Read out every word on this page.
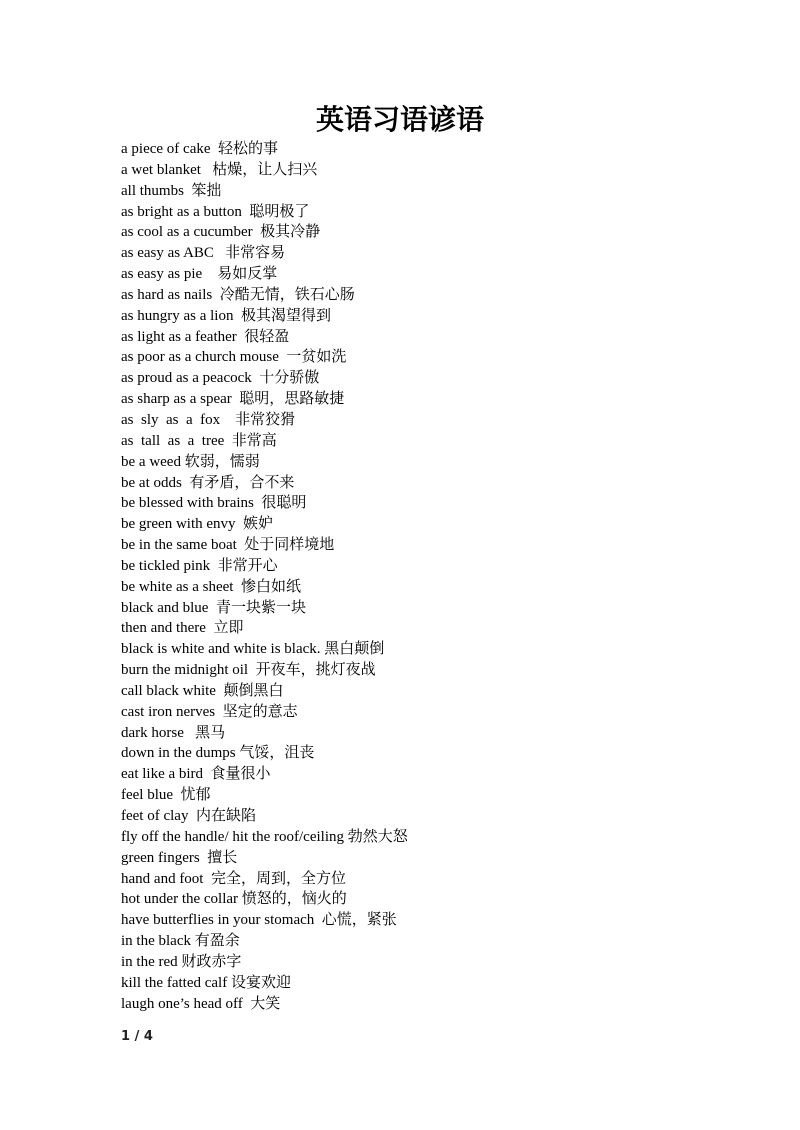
英语习语谚语
a piece of cake  轻松的事
a wet blanket   枯燥，让人扫兴
all thumbs  笨拙
as bright as a button  聪明极了
as cool as a cucumber  极其冷静
as easy as ABC   非常容易
as easy as pie    易如反掌
as hard as nails  冷酷无情，铁石心肠
as hungry as a lion  极其渴望得到
as light as a feather  很轻盈
as poor as a church mouse  一贫如洗
as proud as a peacock  十分骄傲
as sharp as a spear  聪明，思路敏捷
as  sly  as  a  fox    非常狡猾
as  tall  as  a  tree  非常高
be a weed 软弱，懦弱
be at odds  有矛盾，合不来
be blessed with brains  很聪明
be green with envy  嫉妒
be in the same boat  处于同样境地
be tickled pink  非常开心
be white as a sheet  惨白如纸
black and blue  青一块紫一块
then and there  立即
black is white and white is black. 黑白颠倒
burn the midnight oil  开夜车，挑灯夜战
call black white  颠倒黑白
cast iron nerves  坚定的意志
dark horse   黑马
down in the dumps 气馁，沮丧
eat like a bird  食量很小
feel blue  忧郁
feet of clay  内在缺陷
fly off the handle/ hit the roof/ceiling 勃然大怒
green fingers  擅长
hand and foot  完全，周到，全方位
hot under the collar 愤怒的，恼火的
have butterflies in your stomach  心慌，紧张
in the black 有盈余
in the red 财政赤字
kill the fatted calf 设宴欢迎
laugh one’s head off  大笑
1 / 4
